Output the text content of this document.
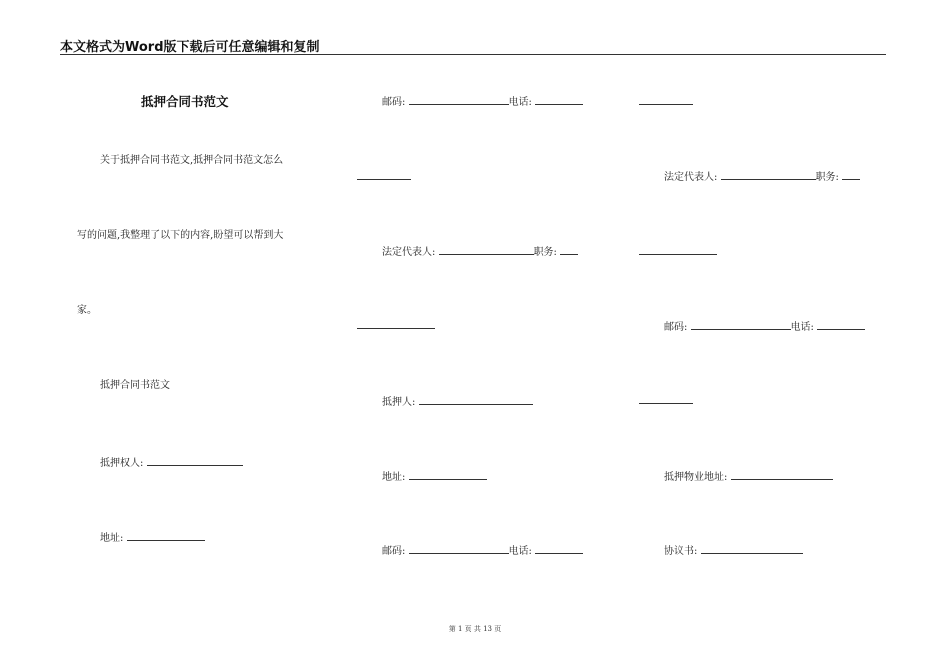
本文格式为Word版下载后可任意编辑和复制
抵押合同书范文
关于抵押合同书范文,抵押合同书范文怎么
写的问题,我整理了以下的内容,盼望可以帮到大
家。
抵押合同书范文
抵押权人:
地址:
邮码:	电话:
法定代表人:	职务:
抵押人:
地址:
邮码:	电话:
法定代表人:	职务:
邮码:	电话:
抵押物业地址:
协议书:
第 1 页 共 13 页
